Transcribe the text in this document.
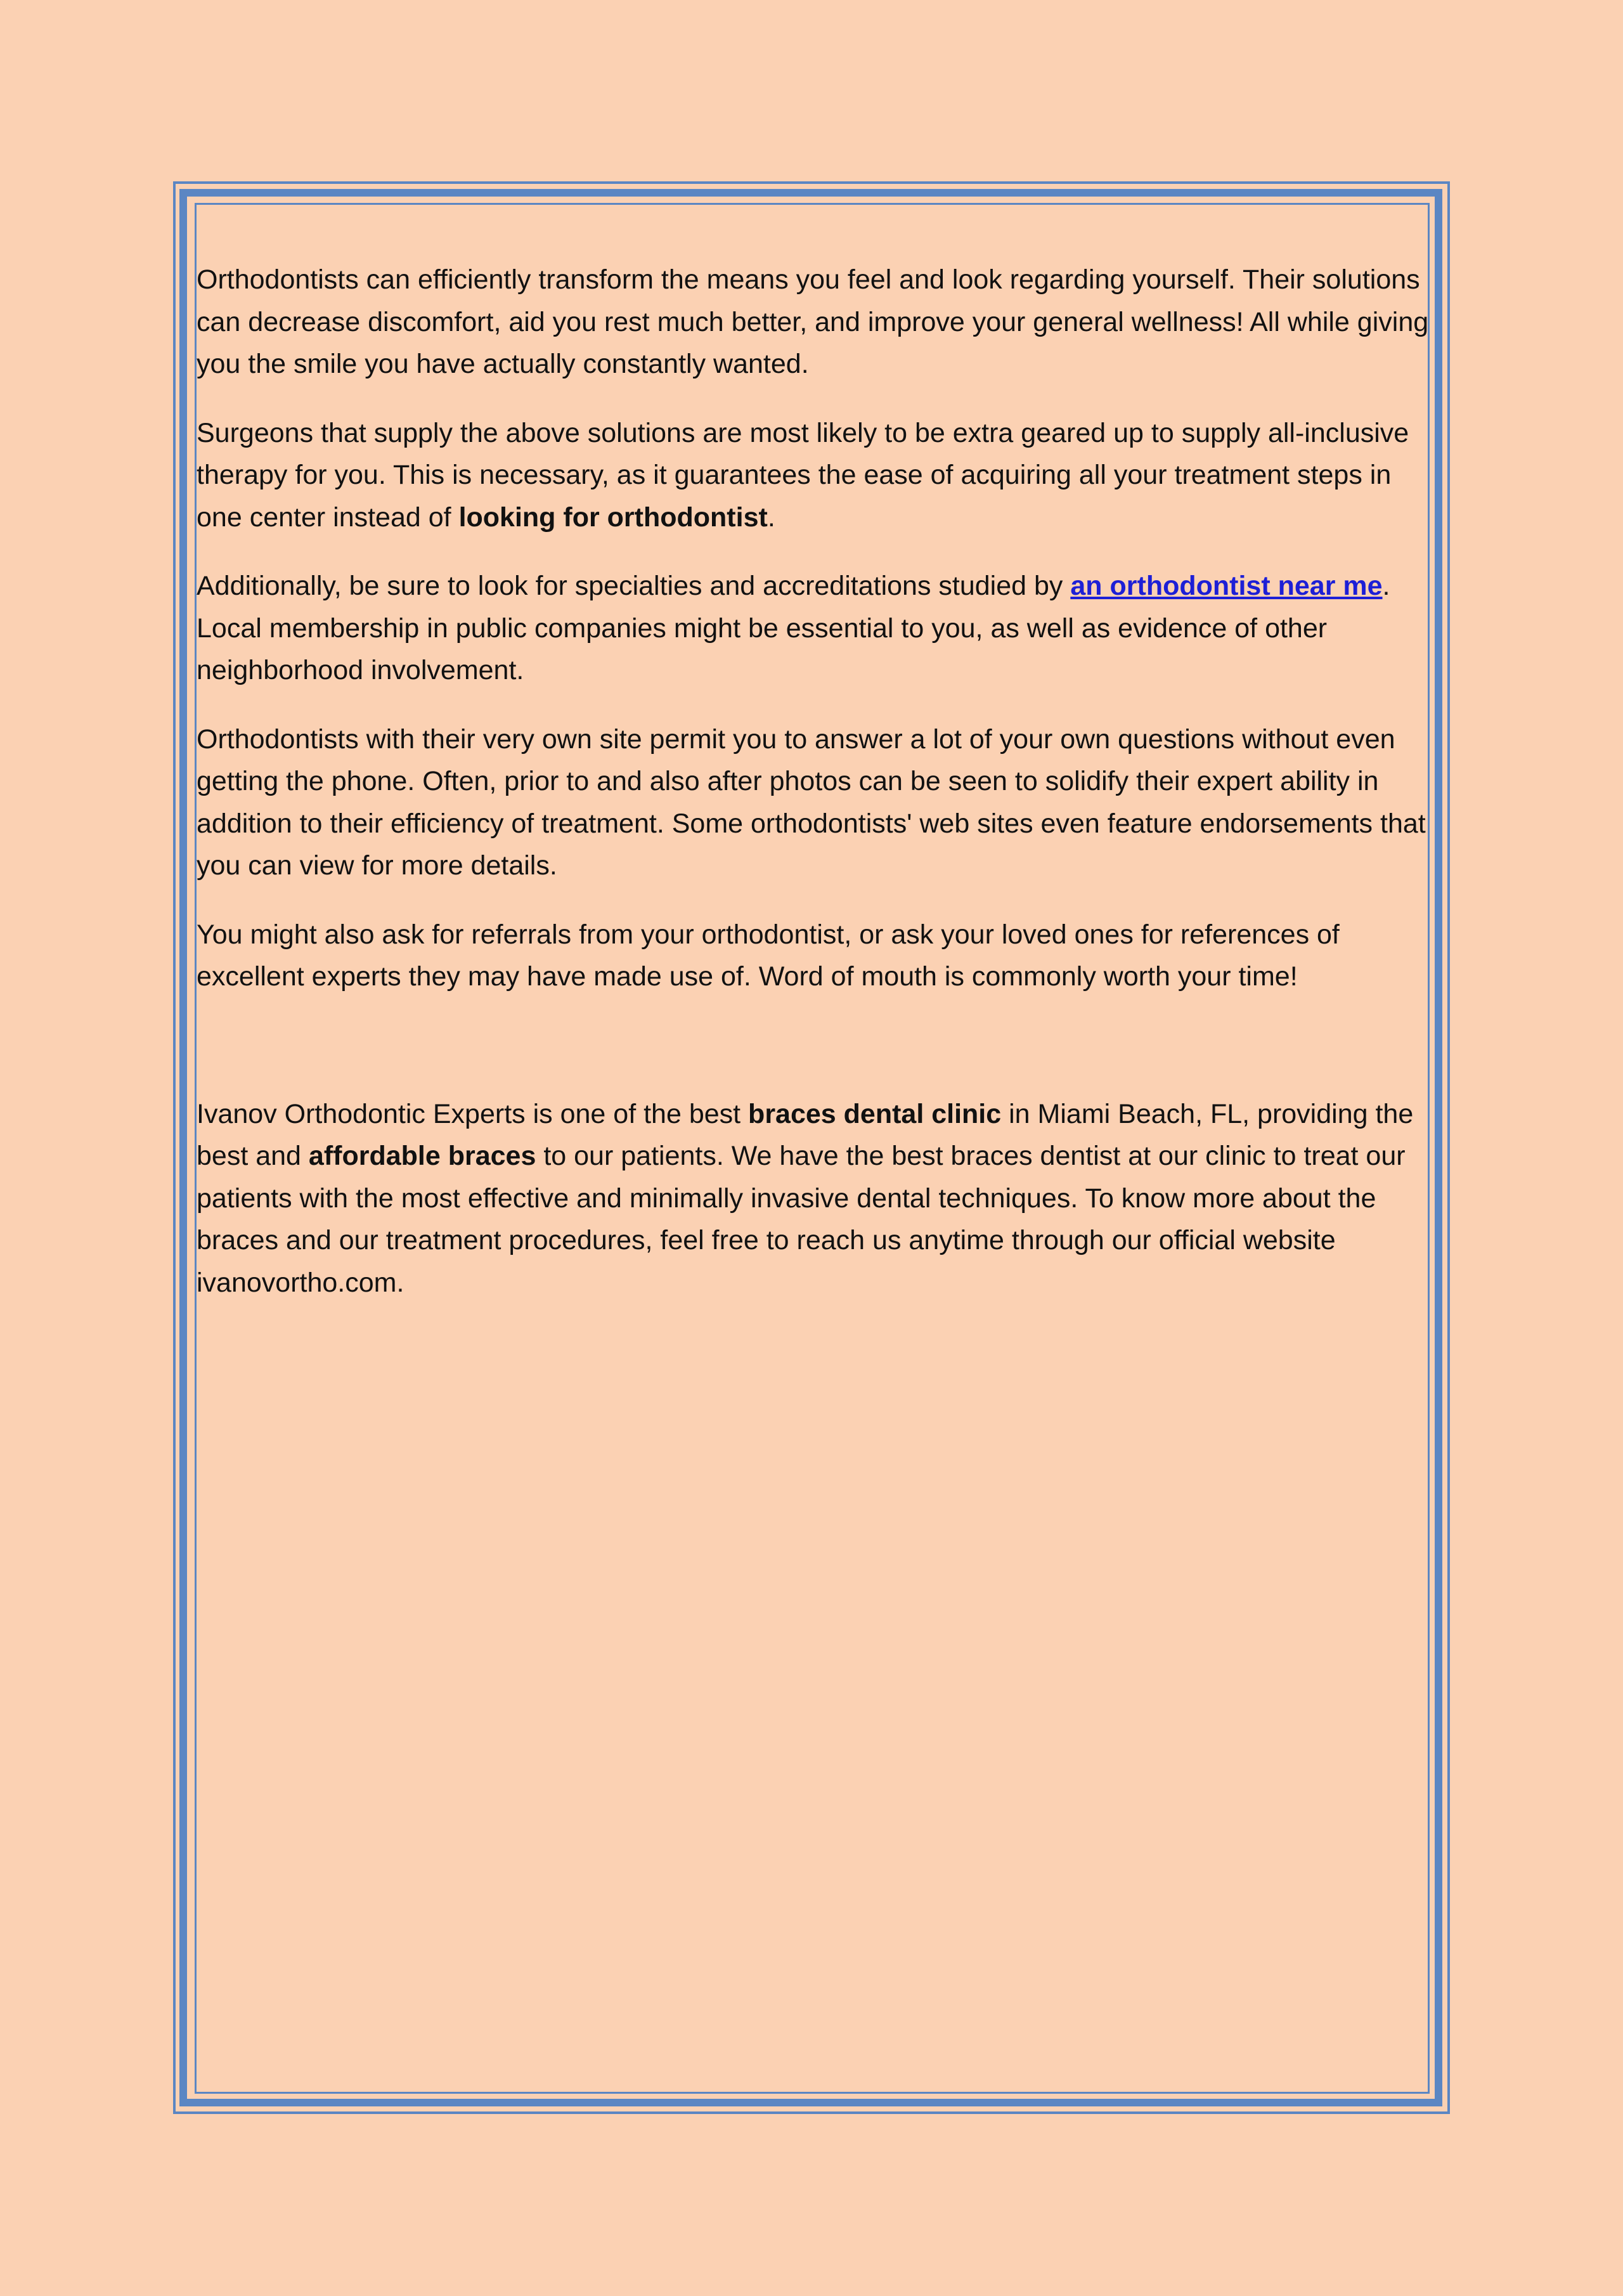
Orthodontists can efficiently transform the means you feel and look regarding yourself. Their solutions can decrease discomfort, aid you rest much better, and improve your general wellness! All while giving you the smile you have actually constantly wanted.

Surgeons that supply the above solutions are most likely to be extra geared up to supply all-inclusive therapy for you. This is necessary, as it guarantees the ease of acquiring all your treatment steps in one center instead of looking for orthodontist.

Additionally, be sure to look for specialties and accreditations studied by an orthodontist near me. Local membership in public companies might be essential to you, as well as evidence of other neighborhood involvement.

Orthodontists with their very own site permit you to answer a lot of your own questions without even getting the phone. Often, prior to and also after photos can be seen to solidify their expert ability in addition to their efficiency of treatment. Some orthodontists' web sites even feature endorsements that you can view for more details.

You might also ask for referrals from your orthodontist, or ask your loved ones for references of excellent experts they may have made use of. Word of mouth is commonly worth your time!

Ivanov Orthodontic Experts is one of the best braces dental clinic in Miami Beach, FL, providing the best and affordable braces to our patients. We have the best braces dentist at our clinic to treat our patients with the most effective and minimally invasive dental techniques. To know more about the braces and our treatment procedures, feel free to reach us anytime through our official website ivanovortho.com.
